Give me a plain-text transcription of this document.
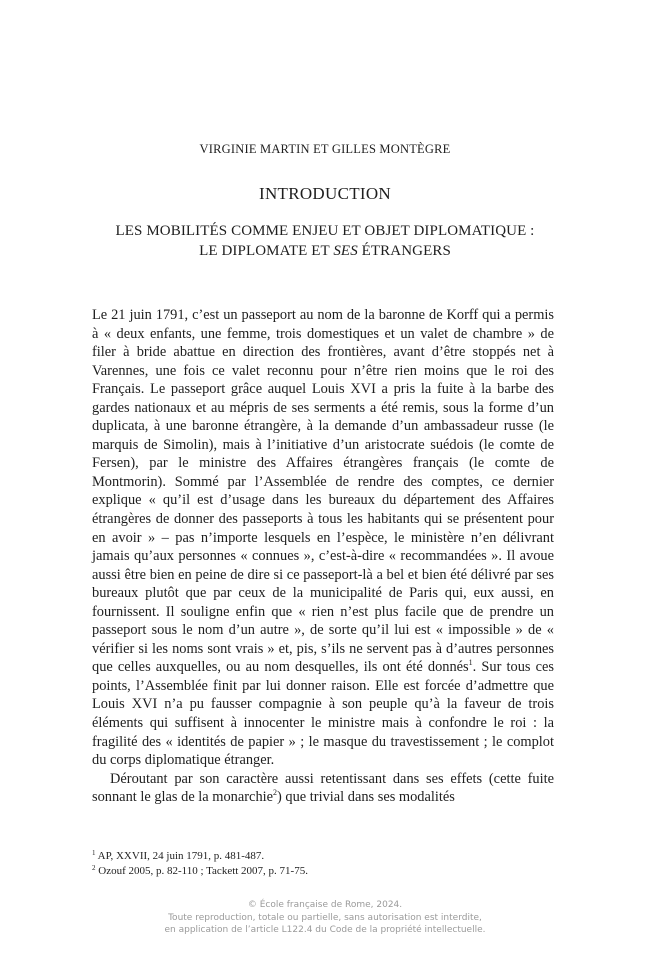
VIRGINIE MARTIN ET GILLES MONTÈGRE
INTRODUCTION
LES MOBILITÉS COMME ENJEU ET OBJET DIPLOMATIQUE :
LE DIPLOMATE ET SES ÉTRANGERS

Le 21 juin 1791, c’est un passeport au nom de la baronne de Korff qui a permis à « deux enfants, une femme, trois domestiques et un valet de chambre » de filer à bride abattue en direction des frontières, avant d’être stoppés net à Varennes, une fois ce valet reconnu pour n’être rien moins que le roi des Français. Le passeport grâce auquel Louis XVI a pris la fuite à la barbe des gardes nationaux et au mépris de ses serments a été remis, sous la forme d’un duplicata, à une baronne étrangère, à la demande d’un ambassadeur russe (le marquis de Simolin), mais à l’initiative d’un aristocrate suédois (le comte de Fersen), par le ministre des Affaires étrangères français (le comte de Montmorin). Sommé par l’Assemblée de rendre des comptes, ce dernier explique « qu’il est d’usage dans les bureaux du département des Affaires étrangères de donner des passeports à tous les habitants qui se présentent pour en avoir » – pas n’importe lesquels en l’espèce, le ministère n’en délivrant jamais qu’aux personnes « connues », c’est-à-dire « recommandées ». Il avoue aussi être bien en peine de dire si ce passeport-là a bel et bien été délivré par ses bureaux plutôt que par ceux de la municipalité de Paris qui, eux aussi, en fournissent. Il souligne enfin que « rien n’est plus facile que de prendre un passeport sous le nom d’un autre », de sorte qu’il lui est « impossible » de « vérifier si les noms sont vrais » et, pis, s’ils ne servent pas à d’autres personnes que celles auxquelles, ou au nom desquelles, ils ont été donnés$^1$. Sur tous ces points, l’Assemblée finit par lui donner raison. Elle est forcée d’admettre que Louis XVI n’a pu fausser compagnie à son peuple qu’à la faveur de trois éléments qui suffisent à innocenter le ministre mais à confondre le roi : la fragilité des « identités de papier » ; le masque du travestissement ; le complot du corps diplomatique étranger.

Déroutant par son caractère aussi retentissant dans ses effets (cette fuite sonnant le glas de la monarchie$^2$) que trivial dans ses modalités

$^1$ AP, XXVII, 24 juin 1791, p. 481-487.
$^2$ Ozouf 2005, p. 82-110 ; Tackett 2007, p. 71-75.
© École française de Rome, 2024.
Toute reproduction, totale ou partielle, sans autorisation est interdite,
en application de l’article L122.4 du Code de la propriété intellectuelle.
